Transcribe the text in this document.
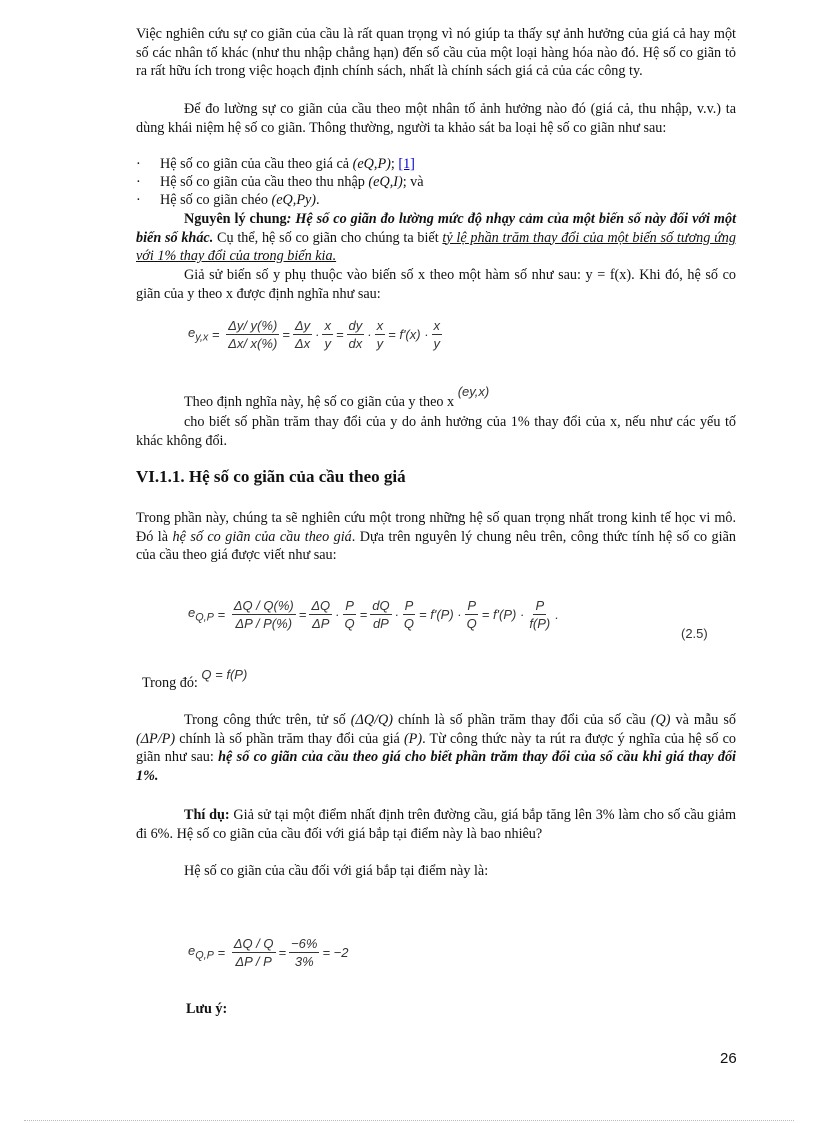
Việc nghiên cứu sự co giãn của cầu là rất quan trọng vì nó giúp ta thấy sự ảnh hưởng của giá cả hay một số các nhân tố khác (như thu nhập chẳng hạn) đến số cầu của một loại hàng hóa nào đó. Hệ số co giãn tỏ ra rất hữu ích trong việc hoạch định chính sách, nhất là chính sách giá cả của các công ty.

Để đo lường sự co giãn của cầu theo một nhân tố ảnh hưởng nào đó (giá cả, thu nhập, v.v.) ta dùng khái niệm hệ số co giãn. Thông thường, người ta khảo sát ba loại hệ số co giãn như sau:

· Hệ số co giãn của cầu theo giá cả (eQ,P); [1]
· Hệ số co giãn của cầu theo thu nhập (eQ,I); và
· Hệ số co giãn chéo (eQ,Py).

Nguyên lý chung: Hệ số co giãn đo lường mức độ nhạy cảm của một biến số này đối với một biến số khác. Cụ thể, hệ số co giãn cho chúng ta biết tỷ lệ phần trăm thay đổi của một biến số tương ứng với 1% thay đổi của trong biến kia.

Giả sử biến số y phụ thuộc vào biến số x theo một hàm số như sau: y = f(x). Khi đó, hệ số co giãn của y theo x được định nghĩa như sau:

$e_{y,x} = \frac{\Delta y/ y(\%)}{\Delta x/ x(\%)} = \frac{\Delta y}{\Delta x} \cdot \frac{x}{y} = \frac{dy}{dx} \cdot \frac{x}{y} = f'(x) \cdot \frac{x}{y}$

Theo định nghĩa này, hệ số co giãn của y theo x (ey,x)

cho biết số phần trăm thay đổi của y do ảnh hưởng của 1% thay đổi của x, nếu như các yếu tố khác không đổi.

VI.1.1. Hệ số co giãn của cầu theo giá

Trong phần này, chúng ta sẽ nghiên cứu một trong những hệ số quan trọng nhất trong kinh tế học vi mô. Đó là hệ số co giãn của cầu theo giá. Dựa trên nguyên lý chung nêu trên, công thức tính hệ số co giãn của cầu theo giá được viết như sau:

$e_{Q,P} = \frac{\Delta Q / Q(\%)}{\Delta P / P(\%)} = \frac{\Delta Q}{\Delta P} \cdot \frac{P}{Q} = \frac{dQ}{dP} \cdot \frac{P}{Q} = f'(P) \cdot \frac{P}{Q} = f'(P) \cdot \frac{P}{f(P)}$ .
(2.5)
Trong đó: Q = f(P)

Trong công thức trên, tử số (ΔQ/Q) chính là số phần trăm thay đổi của số cầu (Q) và mẫu số (ΔP/P) chính là số phần trăm thay đổi của giá (P). Từ công thức này ta rút ra được ý nghĩa của hệ số co giãn như sau: hệ số co giãn của cầu theo giá cho biết phần trăm thay đổi của số cầu khi giá thay đổi 1%.

Thí dụ: Giả sử tại một điểm nhất định trên đường cầu, giá bắp tăng lên 3% làm cho số cầu giảm đi 6%. Hệ số co giãn của cầu đối với giá bắp tại điểm này là bao nhiêu?

Hệ số co giãn của cầu đối với giá bắp tại điểm này là:

$e_{Q,P} = \frac{\Delta Q / Q}{\Delta P / P} = \frac{-6\%}{3\%} = -2$
Lưu ý:
26
